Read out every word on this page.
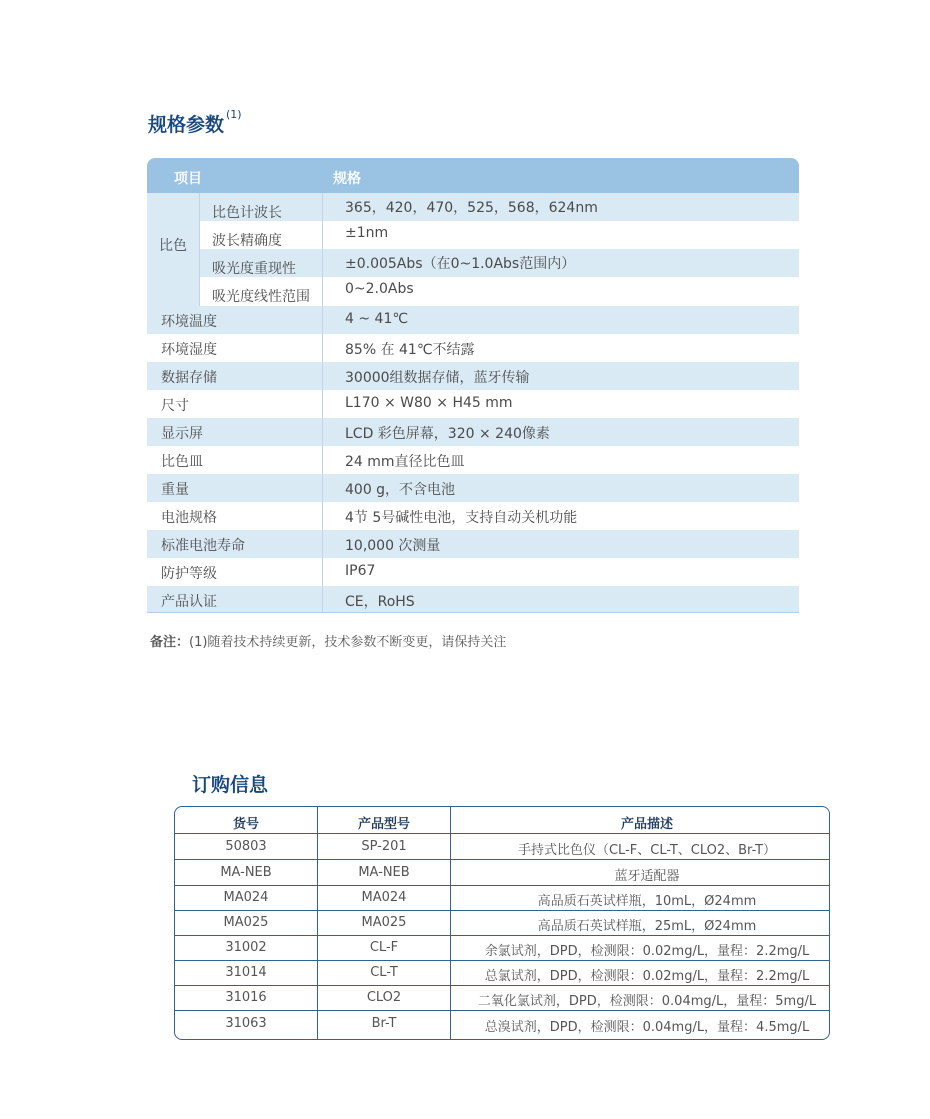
规格参数 $^{(1)}$
项目	规格
比色
比色计波长	365，420，470，525，568，624nm
波长精确度	±1nm
吸光度重现性	±0.005Abs（在0~1.0Abs范围内）
吸光度线性范围	0~2.0Abs
环境温度	4 ~ 41℃
环境湿度	85% 在 41℃不结露
数据存储	30000组数据存储，蓝牙传输
尺寸	L170 × W80 × H45 mm
显示屏	LCD 彩色屏幕，320 × 240像素
比色皿	24 mm直径比色皿
重量	400 g，不含电池
电池规格	4节 5号碱性电池，支持自动关机功能
标准电池寿命	10,000 次测量
防护等级	IP67
产品认证	CE，RoHS
备注：(1)随着技术持续更新，技术参数不断变更，请保持关注
订购信息
货号	产品型号	产品描述
50803	SP-201	手持式比色仪（CL-F、CL-T、CLO2、Br-T）
MA-NEB	MA-NEB	蓝牙适配器
MA024	MA024	高品质石英试样瓶，10mL，Ø24mm
MA025	MA025	高品质石英试样瓶，25mL，Ø24mm
31002	CL-F	余氯试剂，DPD，检测限：0.02mg/L，量程：2.2mg/L
31014	CL-T	总氯试剂，DPD，检测限：0.02mg/L，量程：2.2mg/L
31016	CLO2	二氧化氯试剂，DPD，检测限：0.04mg/L，量程：5mg/L
31063	Br-T	总溴试剂，DPD，检测限：0.04mg/L，量程：4.5mg/L
